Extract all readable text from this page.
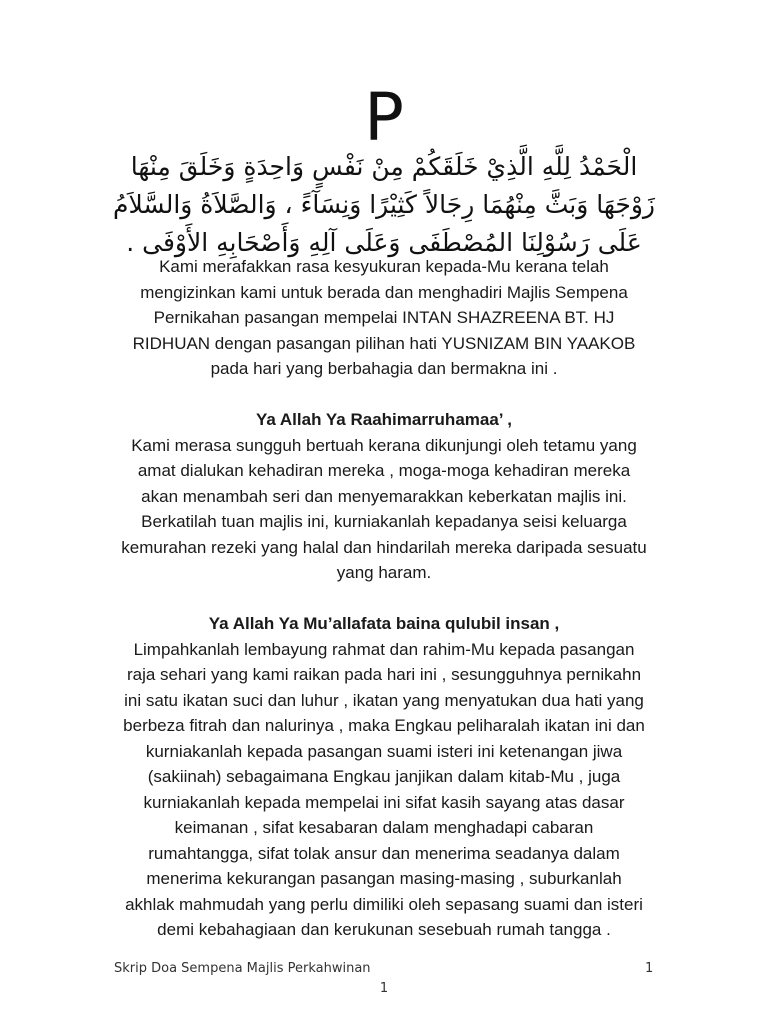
P
الْحَمْدُ لِلَّهِ الَّذِيْ خَلَقَكُمْ مِنْ نَفْسٍ وَاحِدَةٍ وَخَلَقَ مِنْهَا
زَوْجَهَا وَبَثَّ مِنْهُمَا رِجَالاً كَثِيْرًا وَنِسَآءً ، وَالصَّلاَةُ وَالسَّلاَمُ
عَلَى رَسُوْلِنَا المُصْطَفَى وَعَلَى آلِهِ وَأَصْحَابِهِ الأَوْفَى .
Kami merafakkan rasa kesyukuran kepada-Mu kerana telah
mengizinkan kami untuk berada dan menghadiri Majlis Sempena
Pernikahan pasangan mempelai INTAN SHAZREENA BT. HJ
RIDHUAN dengan pasangan pilihan hati YUSNIZAM BIN YAAKOB
pada hari yang berbahagia dan bermakna ini .
Ya Allah Ya Raahimarruhamaa’ ,
Kami merasa sungguh bertuah kerana dikunjungi oleh tetamu yang
amat dialukan kehadiran mereka , moga-moga kehadiran mereka
akan menambah seri dan menyemarakkan keberkatan majlis ini.
Berkatilah tuan majlis ini, kurniakanlah kepadanya seisi keluarga
kemurahan rezeki yang halal dan hindarilah mereka daripada sesuatu
yang haram.
Ya Allah Ya Mu’allafata baina qulubil insan ,
Limpahkanlah lembayung rahmat dan rahim-Mu kepada pasangan
raja sehari yang kami raikan pada hari ini , sesungguhnya pernikahn
ini satu ikatan suci dan luhur , ikatan yang menyatukan dua hati yang
berbeza fitrah dan nalurinya , maka Engkau peliharalah ikatan ini dan
kurniakanlah kepada pasangan suami isteri ini ketenangan jiwa
(sakiinah) sebagaimana Engkau janjikan dalam kitab-Mu , juga
kurniakanlah kepada mempelai ini sifat kasih sayang atas dasar
keimanan , sifat kesabaran dalam menghadapi cabaran
rumahtangga, sifat tolak ansur dan menerima seadanya dalam
menerima kekurangan pasangan masing-masing , suburkanlah
akhlak mahmudah yang perlu dimiliki oleh sepasang suami dan isteri
demi kebahagiaan dan kerukunan sesebuah rumah tangga .
Skrip Doa Sempena Majlis Perkahwinan	1
1
